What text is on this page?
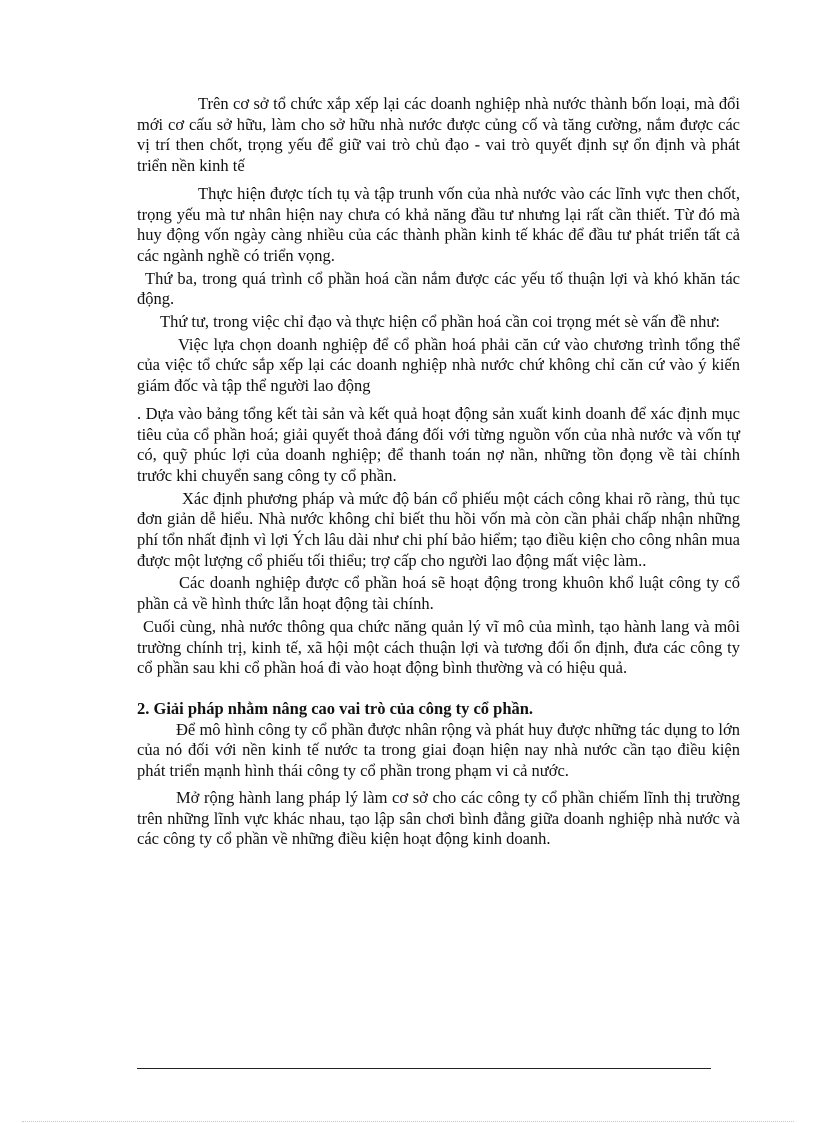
Trên cơ sở tổ chức xắp xếp lại các doanh nghiệp nhà nước thành bốn loại, mà đổi mới cơ cấu sở hữu, làm cho sở hữu nhà nước được củng cố và tăng cường, nắm được các vị trí then chốt, trọng yếu để giữ vai trò chủ đạo - vai trò quyết định sự ổn định và phát triển nền kinh tế

Thực hiện được tích tụ và tập trunh vốn của nhà nước vào các lĩnh vực then chốt, trọng yếu mà tư nhân hiện nay chưa có khả năng đầu tư nhưng lại rất cần thiết. Từ đó mà huy động vốn ngày càng nhiều của các thành phần kinh tế khác để đầu tư phát triển tất cả các ngành nghề có triển vọng.

Thứ ba, trong quá trình cổ phần hoá cần nắm được các yếu tố thuận lợi và khó khăn tác động.

Thứ tư, trong việc chỉ đạo và thực hiện cổ phần hoá cần coi trọng mét sè vấn đề như:

Việc lựa chọn doanh nghiệp để cổ phần hoá phải căn cứ vào chương trình tổng thể của việc tổ chức sắp xếp lại các doanh nghiệp nhà nước chứ không chỉ căn cứ vào ý kiến giám đốc và tập thể người lao động

. Dựa vào bảng tổng kết tài sản và kết quả hoạt động sản xuất kinh doanh để xác định mục tiêu của cổ phần hoá; giải quyết thoả đáng đối với từng nguồn vốn của nhà nước và vốn tự có, quỹ phúc lợi của doanh nghiệp; để thanh toán nợ nần, những tồn đọng về tài chính trước khi chuyển sang công ty cổ phần.

Xác định phương pháp và mức độ bán cổ phiếu một cách công khai rõ ràng, thủ tục đơn giản dễ hiểu. Nhà nước không chỉ biết thu hồi vốn mà còn cần phải chấp nhận những phí tổn nhất định vì lợi Ých lâu dài như chi phí bảo hiểm; tạo điều kiện cho công nhân mua được một lượng cổ phiếu tối thiểu; trợ cấp cho người lao động mất việc làm..

Các doanh nghiệp được cổ phần hoá sẽ hoạt động trong khuôn khổ luật công ty cổ phần cả về hình thức lẫn hoạt động tài chính.

Cuối cùng, nhà nước thông qua chức năng quản lý vĩ mô của mình, tạo hành lang và môi trường chính trị, kinh tế, xã hội một cách thuận lợi và tương đối ổn định, đưa các công ty cổ phần sau khi cổ phần hoá đi vào hoạt động bình thường và có hiệu quả.

2. Giải pháp nhằm nâng cao vai trò của công ty cổ phần.

Để mô hình công ty cổ phần được nhân rộng và phát huy được những tác dụng to lớn của nó đối với nền kinh tế nước ta trong giai đoạn hiện nay nhà nước cần tạo điều kiện phát triển mạnh hình thái công ty cổ phần trong phạm vi cả nước.

Mở rộng hành lang pháp lý làm cơ sở cho các công ty cổ phần chiếm lĩnh thị trường trên những lĩnh vực khác nhau, tạo lập sân chơi bình đẳng giữa doanh nghiệp nhà nước và các công ty cổ phần về những điều kiện hoạt động kinh doanh.
